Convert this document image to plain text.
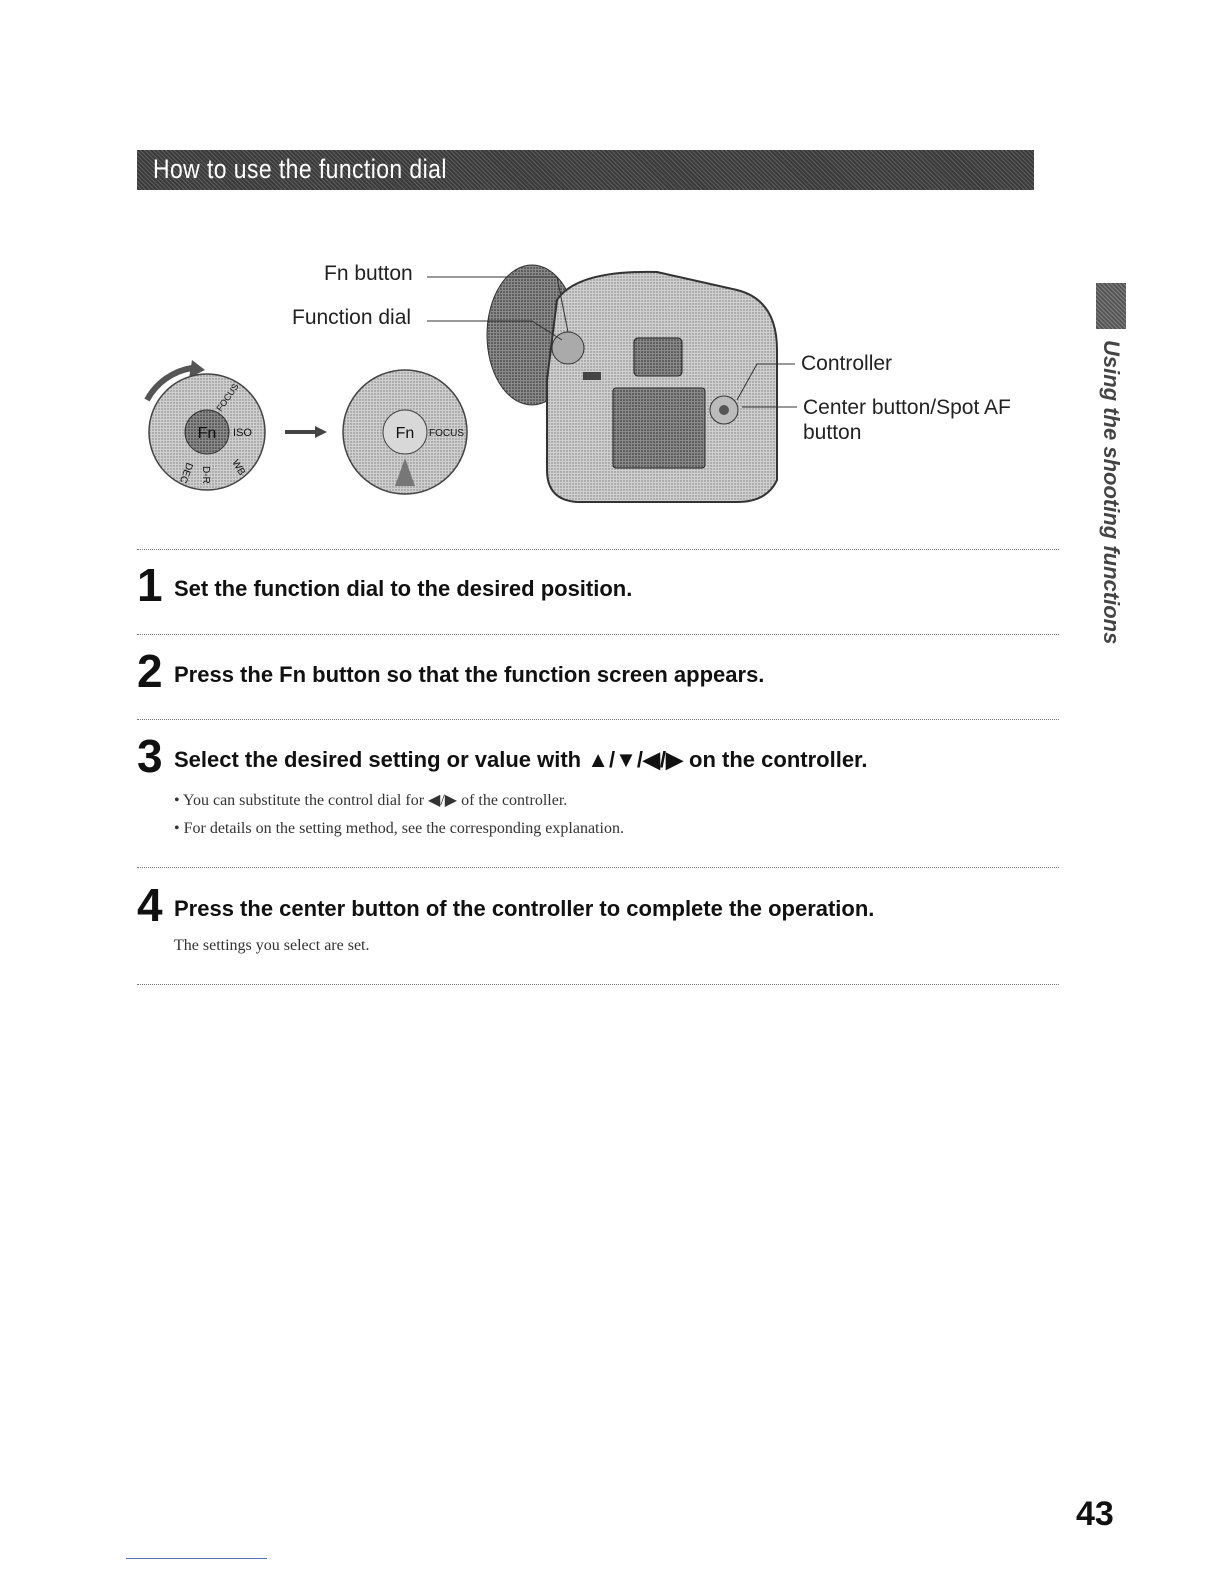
How to use the function dial
Fn ISO
FOCUS
WB
D-R
DEC
Fn FOCUS
Fn button
Function dial
Controller
Center button/Spot AF
button
1 Set the function dial to the desired position.
2 Press the Fn button so that the function screen appears.
3 Select the desired setting or value with ▲/▼/◀/▶ on the controller.
• You can substitute the control dial for ◀/▶ of the controller.
• For details on the setting method, see the corresponding explanation.
4 Press the center button of the controller to complete the operation.
The settings you select are set.
Using the shooting functions
43
